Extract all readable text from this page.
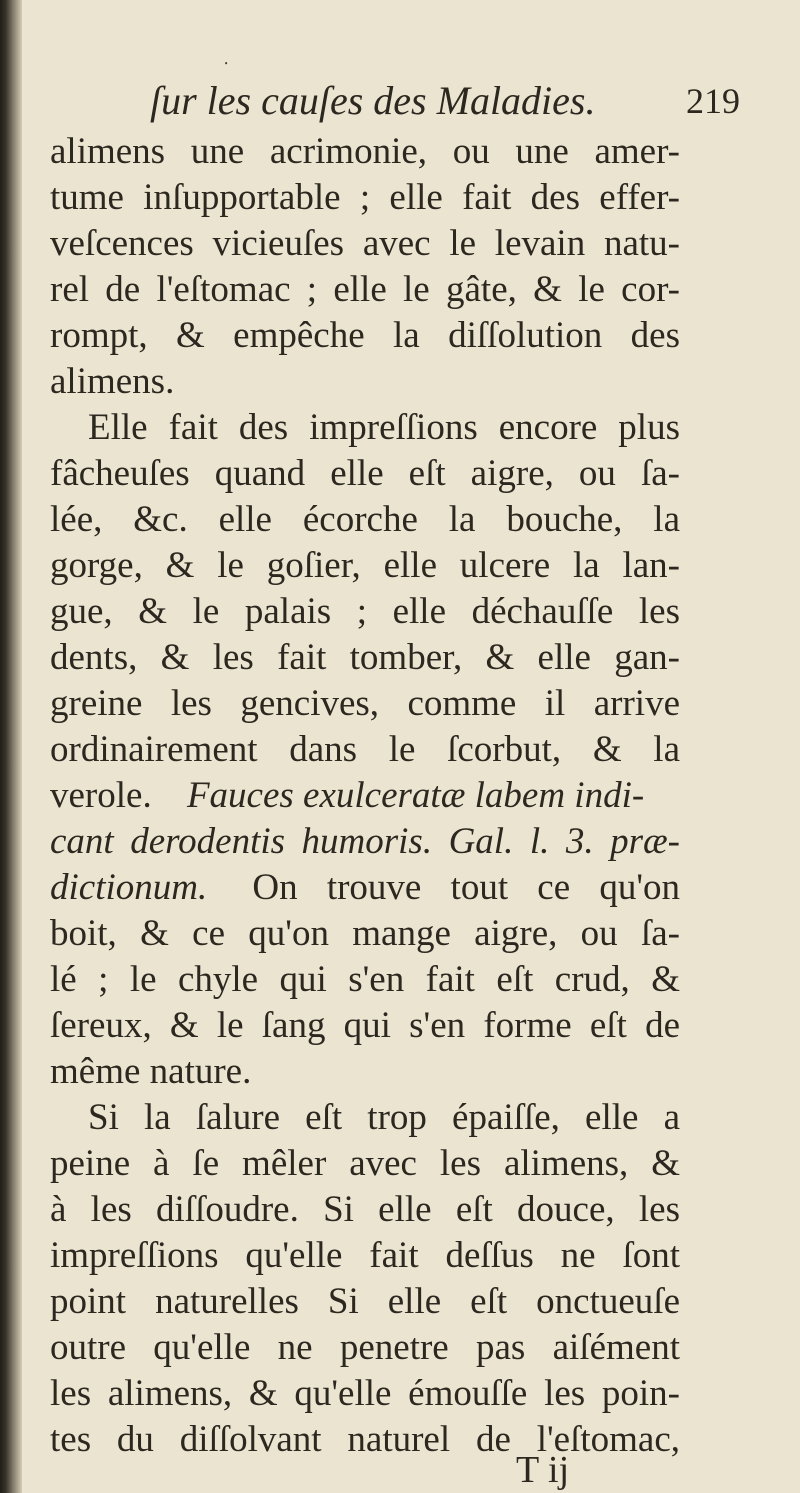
⸱
ſur les cauſes des Maladies.	219
alimens une acrimonie, ou une amer-
tume inſupportable ; elle fait des effer-
veſcences vicieuſes avec le levain natu-
rel de l'eſtomac ; elle le gâte, & le cor-
rompt, & empêche la diſſolution des
alimens.
Elle fait des impreſſions encore plus
fâcheuſes quand elle eſt aigre, ou ſa-
lée, &c. elle écorche la bouche, la
gorge, & le goſier, elle ulcere la lan-
gue, & le palais ; elle déchauſſe les
dents, & les fait tomber, & elle gan-
greine les gencives, comme il arrive
ordinairement dans le ſcorbut, & la
verole. Fauces exulceratæ labem indi-
cant derodentis humoris. Gal. l. 3. præ-
dictionum. On trouve tout ce qu'on
boit, & ce qu'on mange aigre, ou ſa-
lé ; le chyle qui s'en fait eſt crud, &
ſereux, & le ſang qui s'en forme eſt de
même nature.
Si la ſalure eſt trop épaiſſe, elle a
peine à ſe mêler avec les alimens, &
à les diſſoudre. Si elle eſt douce, les
impreſſions qu'elle fait deſſus ne ſont
point naturelles Si elle eſt onctueuſe
outre qu'elle ne penetre pas aiſément
les alimens, & qu'elle émouſſe les poin-
tes du diſſolvant naturel de l'eſtomac,
T ij
